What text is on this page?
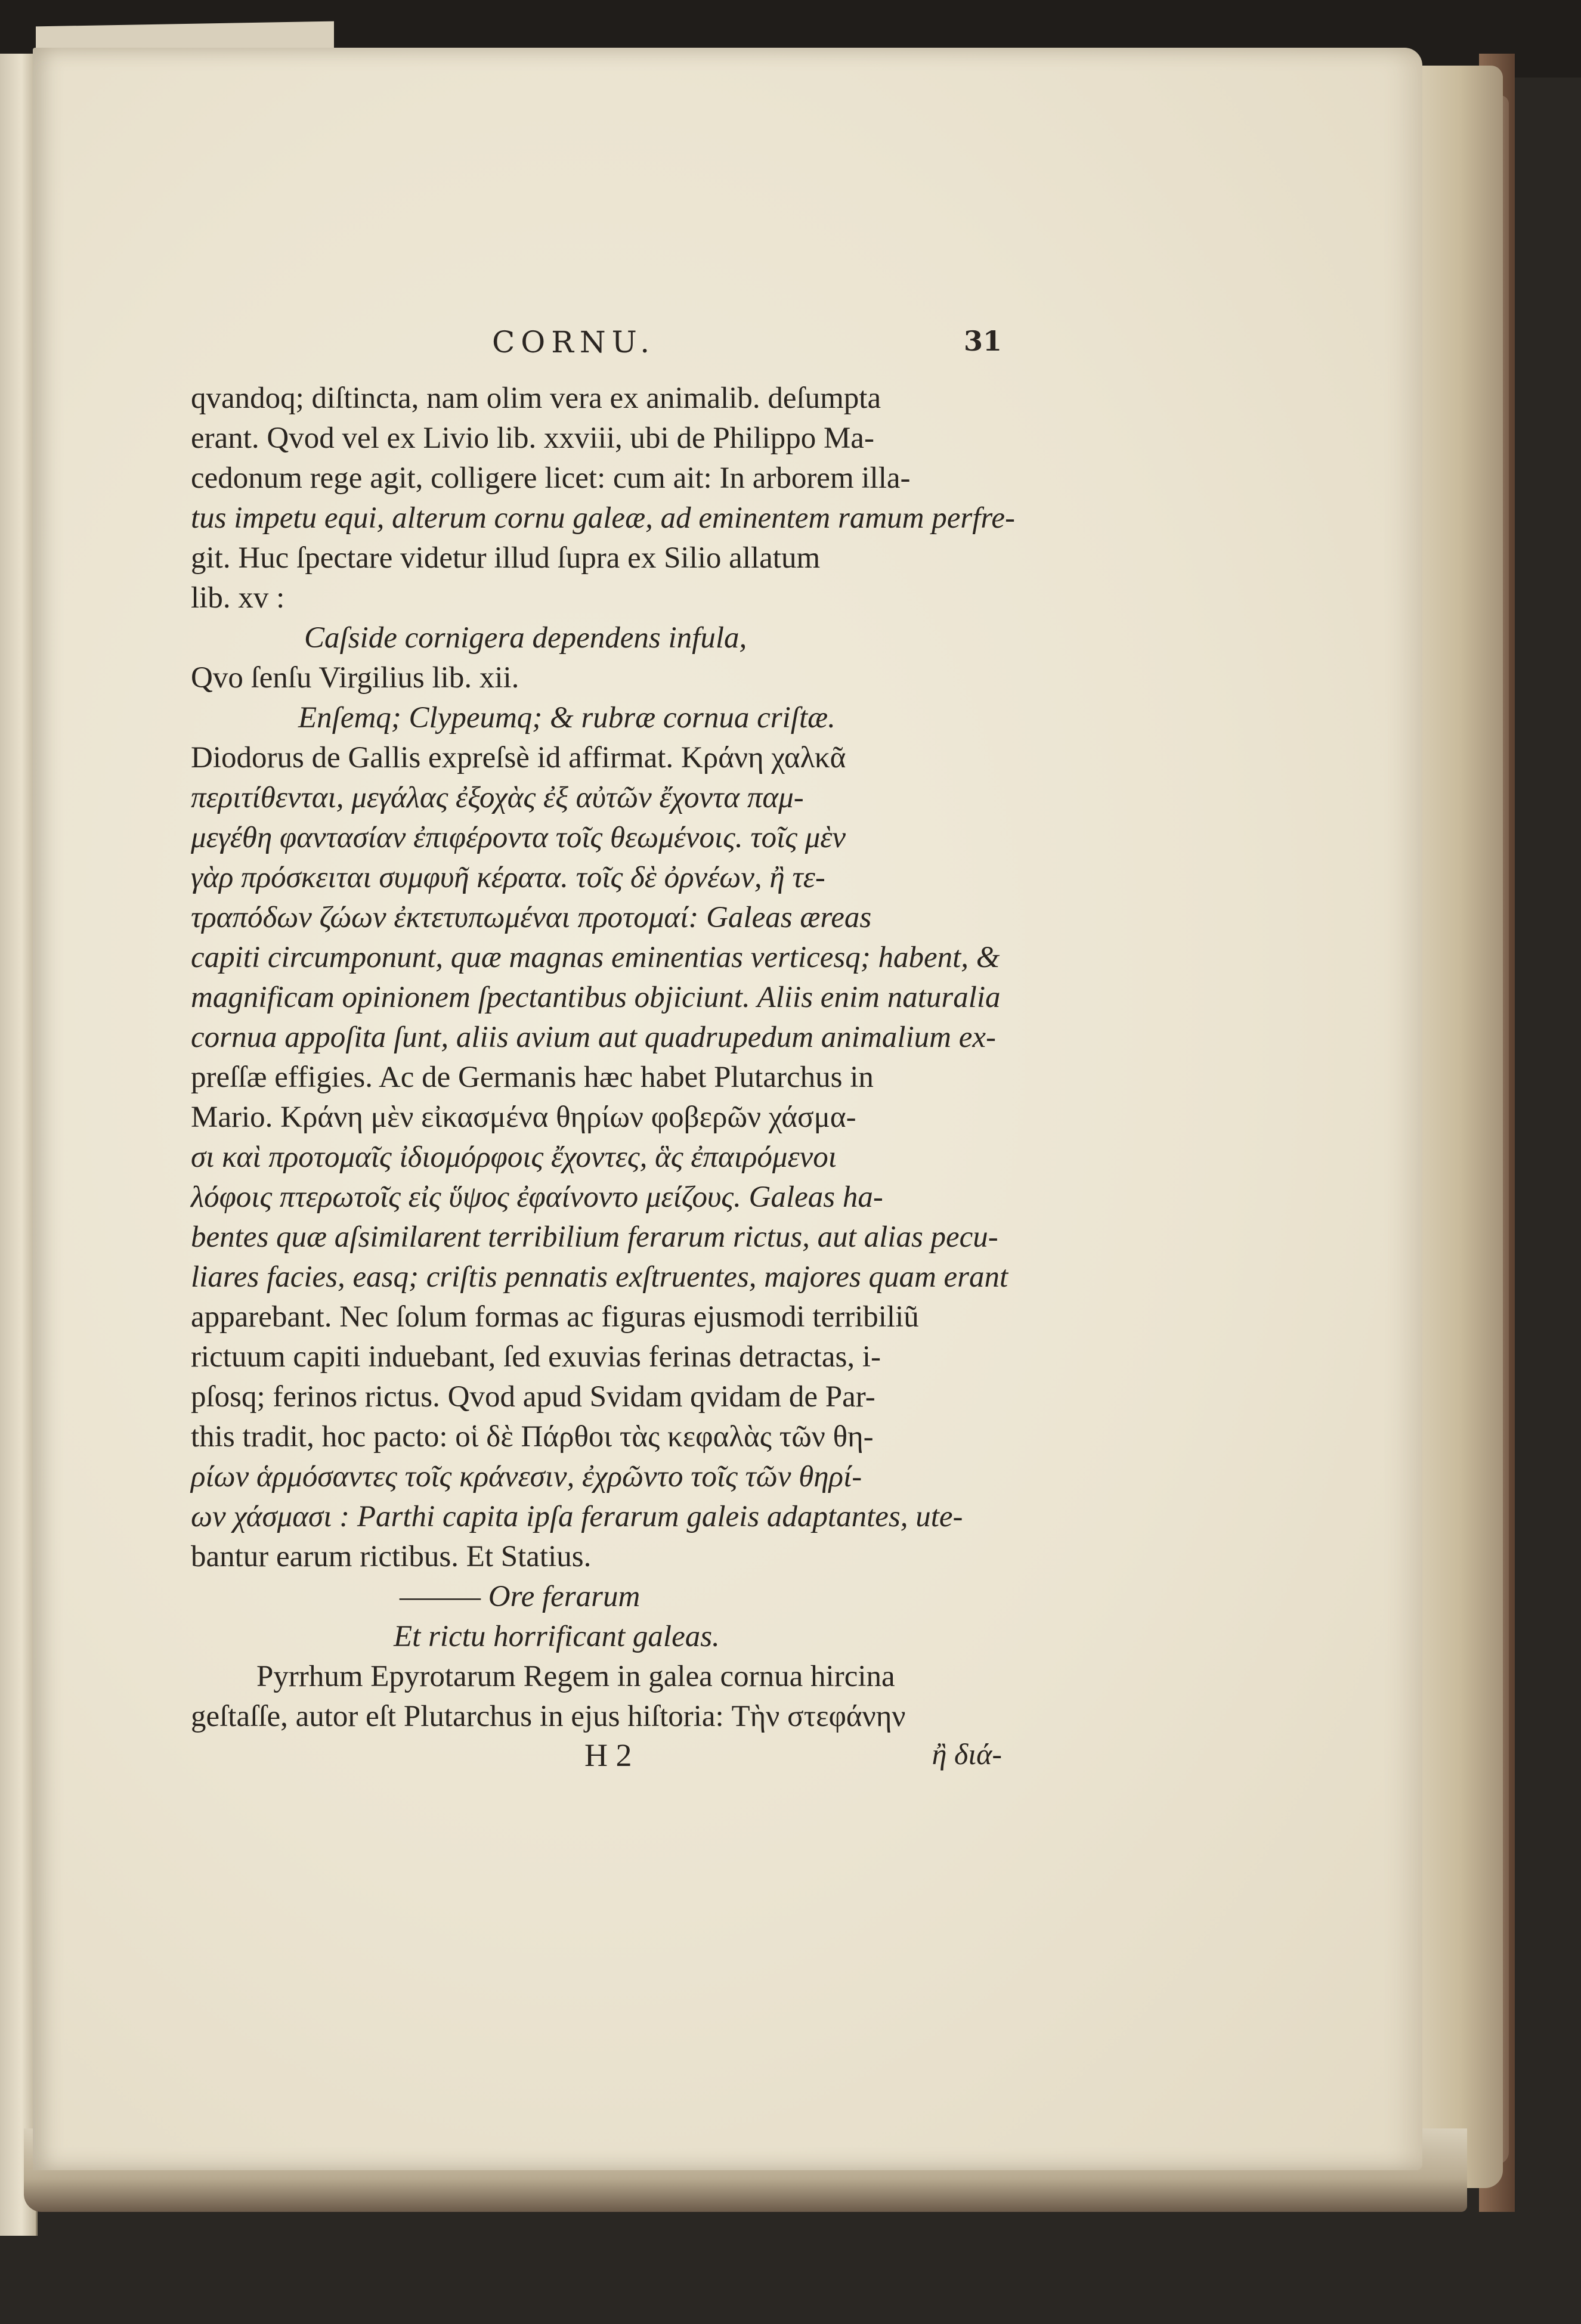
CORNU.	31
qvandoq; diſtincta, nam olim vera ex animalib. deſumpta
erant. Qvod vel ex Livio lib. xxviii, ubi de Philippo Ma-
cedonum rege agit, colligere licet: cum ait: In arborem illa-
tus impetu equi, alterum cornu galeæ, ad eminentem ramum perfre-
git. Huc ſpectare videtur illud ſupra ex Silio allatum
lib. xv :
Caſside cornigera dependens infula,
Qvo ſenſu Virgilius lib. xii.
Enſemq; Clypeumq; & rubræ cornua criſtæ.
Diodorus de Gallis expreſsè id affirmat. Κράνη χαλκᾶ
περιτίθενται, μεγάλας ἐξοχὰς ἐξ αὐτῶν ἔχοντα παμ-
μεγέθη φαντασίαν ἐπιφέροντα τοῖς θεωμένοις. τοῖς μὲν
γὰρ πρόσκειται συμφυῆ κέρατα. τοῖς δὲ ὀρνέων, ἢ τε-
τραπόδων ζώων ἐκτετυπωμέναι προτομαί: Galeas æreas
capiti circumponunt, quæ magnas eminentias verticesq; habent, &
magnificam opinionem ſpectantibus objiciunt. Aliis enim naturalia
cornua appoſita ſunt, aliis avium aut quadrupedum animalium ex-
preſſæ effigies. Ac de Germanis hæc habet Plutarchus in
Mario. Κράνη μὲν εἰκασμένα θηρίων φοβερῶν χάσμα-
σι καὶ προτομαῖς ἰδιομόρφοις ἔχοντες, ἃς ἐπαιρόμενοι
λόφοις πτερωτοῖς εἰς ὕψος ἐφαίνοντο μείζους. Galeas ha-
bentes quæ aſsimilarent terribilium ferarum rictus, aut alias pecu-
liares facies, easq; criſtis pennatis exſtruentes, majores quam erant
apparebant. Nec ſolum formas ac figuras ejusmodi terribiliũ
rictuum capiti induebant, ſed exuvias ferinas detractas, i-
pſosq; ferinos rictus. Qvod apud Svidam qvidam de Par-
this tradit, hoc pacto: οἱ δὲ Πάρθοι τὰς κεφαλὰς τῶν θη-
ρίων ἁρμόσαντες τοῖς κράνεσιν, ἐχρῶντο τοῖς τῶν θηρί-
ων χάσμασι : Parthi capita ipſa ferarum galeis adaptantes, ute-
bantur earum rictibus. Et Statius.
——— Ore ferarum
Et rictu horrificant galeas.
Pyrrhum Epyrotarum Regem in galea cornua hircina
geſtaſſe, autor eſt Plutarchus in ejus hiſtoria: Τὴν στεφάνην
H 2	ἢ διά-
